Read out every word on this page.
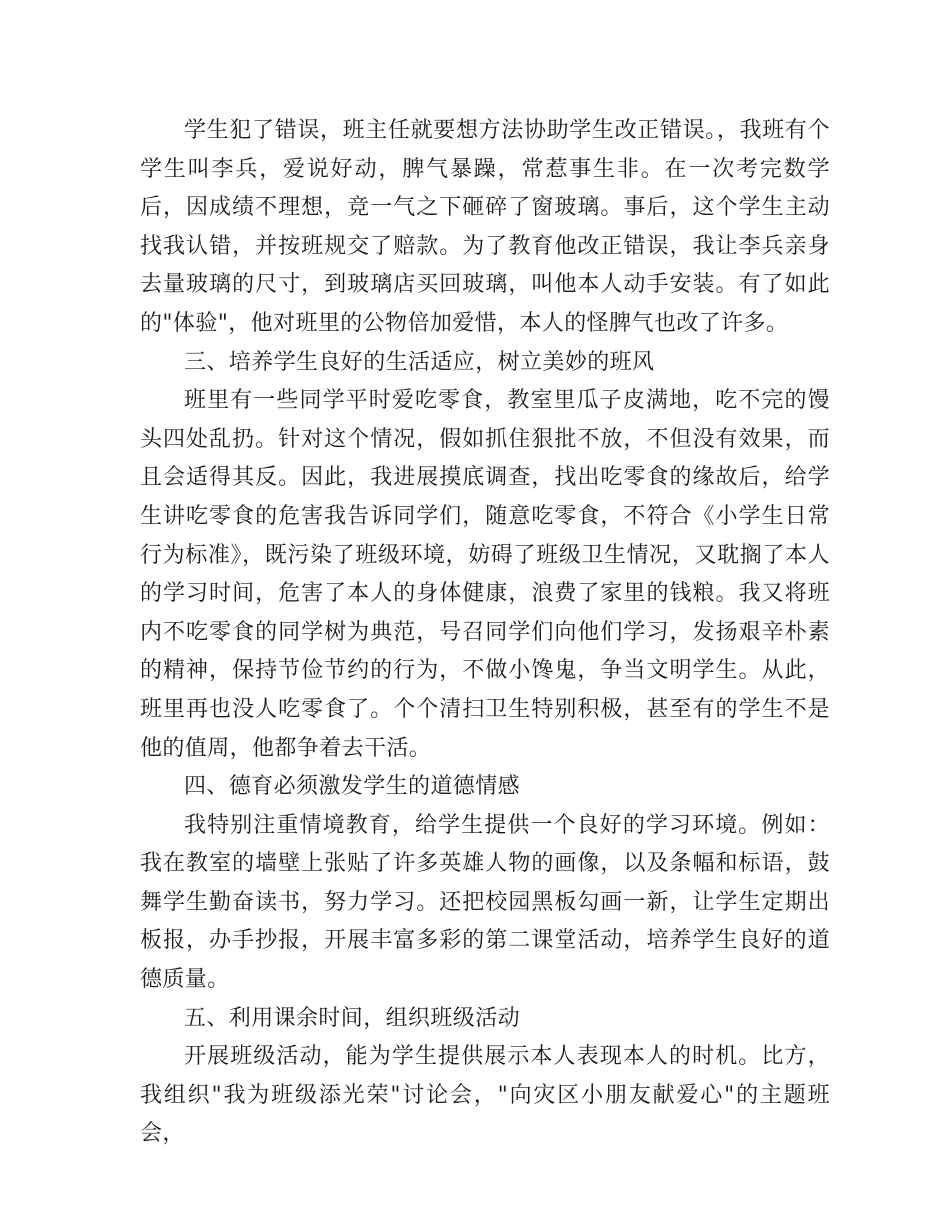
学生犯了错误，班主任就要想方法协助学生改正错误。，我班有个学生叫李兵，爱说好动，脾气暴躁，常惹事生非。在一次考完数学后，因成绩不理想，竞一气之下砸碎了窗玻璃。事后，这个学生主动找我认错，并按班规交了赔款。为了教育他改正错误，我让李兵亲身去量玻璃的尺寸，到玻璃店买回玻璃，叫他本人动手安装。有了如此的"体验"，他对班里的公物倍加爱惜，本人的怪脾气也改了许多。

三、培养学生良好的生活适应，树立美妙的班风

班里有一些同学平时爱吃零食，教室里瓜子皮满地，吃不完的馒头四处乱扔。针对这个情况，假如抓住狠批不放，不但没有效果，而且会适得其反。因此，我进展摸底调查，找出吃零食的缘故后，给学生讲吃零食的危害我告诉同学们，随意吃零食，不符合《小学生日常行为标准》，既污染了班级环境，妨碍了班级卫生情况，又耽搁了本人的学习时间，危害了本人的身体健康，浪费了家里的钱粮。我又将班内不吃零食的同学树为典范，号召同学们向他们学习，发扬艰辛朴素的精神，保持节俭节约的行为，不做小馋鬼，争当文明学生。从此，班里再也没人吃零食了。个个清扫卫生特别积极，甚至有的学生不是他的值周，他都争着去干活。

四、德育必须激发学生的道德情感

我特别注重情境教育，给学生提供一个良好的学习环境。例如：我在教室的墙壁上张贴了许多英雄人物的画像，以及条幅和标语，鼓舞学生勤奋读书，努力学习。还把校园黑板勾画一新，让学生定期出板报，办手抄报，开展丰富多彩的第二课堂活动，培养学生良好的道德质量。

五、利用课余时间，组织班级活动

开展班级活动，能为学生提供展示本人表现本人的时机。比方，我组织"我为班级添光荣"讨论会，"向灾区小朋友献爱心"的主题班会，
